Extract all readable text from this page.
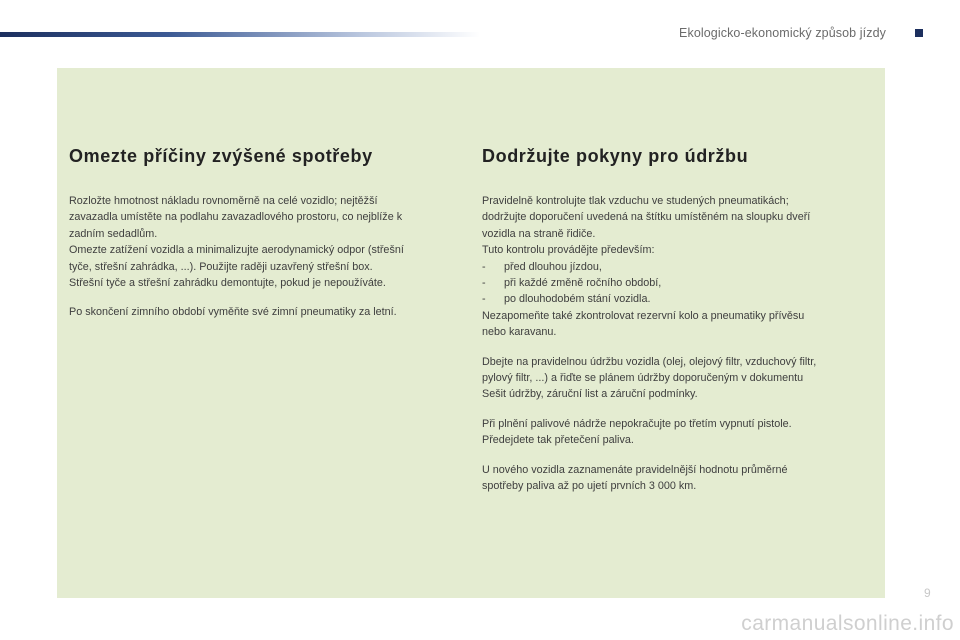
Ekologicko-ekonomický způsob jízdy
Omezte příčiny zvýšené spotřeby

Rozložte hmotnost nákladu rovnoměrně na celé vozidlo; nejtěžší
zavazadla umístěte na podlahu zavazadlového prostoru, co nejblíže k
zadním sedadlům.
Omezte zatížení vozidla a minimalizujte aerodynamický odpor (střešní
tyče, střešní zahrádka, ...). Použijte raději uzavřený střešní box.
Střešní tyče a střešní zahrádku demontujte, pokud je nepoužíváte.

Po skončení zimního období vyměňte své zimní pneumatiky za letní.

Dodržujte pokyny pro údržbu

Pravidelně kontrolujte tlak vzduchu ve studených pneumatikách;
dodržujte doporučení uvedená na štítku umístěném na sloupku dveří
vozidla na straně řidiče.
Tuto kontrolu provádějte především:
- před dlouhou jízdou,
- při každé změně ročního období,
- po dlouhodobém stání vozidla.
Nezapomeňte také zkontrolovat rezervní kolo a pneumatiky přívěsu
nebo karavanu.

Dbejte na pravidelnou údržbu vozidla (olej, olejový filtr, vzduchový filtr,
pylový filtr, ...) a řiďte se plánem údržby doporučeným v dokumentu
Sešit údržby, záruční list a záruční podmínky.

Při plnění palivové nádrže nepokračujte po třetím vypnutí pistole.
Předejdete tak přetečení paliva.

U nového vozidla zaznamenáte pravidelnější hodnotu průměrné
spotřeby paliva až po ujetí prvních 3 000 km.

9
carmanualsonline.info
